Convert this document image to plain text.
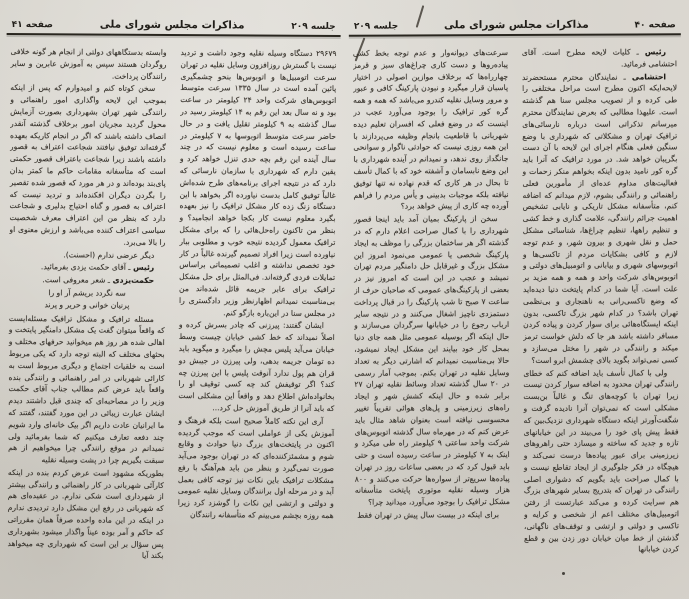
صفحه ۴۰
مذاکرات مجلس شورای ملی
جلسه ۲۰۹

رئیس ـ کلیات لایحه مطرح است. آقای احتشامی فرمائید.

احتشامی ـ نمایندگان محترم مستحضرند لایحه‌ایکه اکنون مطرح است مراحل مختلفی را طی کرده و از تصویب مجلس سنا هم گذشته است. علیهذا مطالبی که بعرض نمایندگان محترم میرسانم تذکراتی است درباره نارسائی‌های ترافیک تهران و مشکلاتی که شهرداری با وضع سنگین فعلی هنگام اجرای این لایحه با آن دست بگریبان خواهد شد. در مورد ترافیک که آنرا باید گره کور نامید بدون اینکه بخواهم منکر زحمات و فعالیت‌های مداوم عده‌ای از مأمورین فعلی راهنمائی و رانندگی بشوم، لازم میدانم که اضافه کنم، متأسفانه مشکل تاریکی و نایابی تشخیص اهمیت جرائم رانندگی، علامت گذاری و خط کشی و تنظیم راهها، تنظیم چراغ‌ها، شناسائی مشکل حمل و نقل شهری و بیرون شهر، و عدم توجه لازم و کافی بشکایات مردم از تاکسی‌ها و اتوبوسهای شهری و بیابانی و اتومبیل‌های دولتی و اتوبوس‌های شرکت واحد و همه و همه مزید بر علت است. آیا شما در کدام پایتخت دنیا دیده‌اید که وضع تاکسی‌رانی به ناهنجاری و بی‌نظمی تهران باشد؟ در کدام شهر بزرگ تاکسی، بدون اینکه ایستگاه‌هائی برای سوار کردن و پیاده کردن مسافر داشته باشد هر جا که دلش خواست ترمز میکند و رانندگی در شهر را مختل می‌سازد و کسی نمی‌تواند بگوید بالای چشمش ابرو است؟

ولی با کمال تأسف باید اضافه کنم که خطای رانندگی تهران محدود به اضافه سوار کردن نیست زیرا تهران با کوچه‌های تنگ و غالباً بن‌بست مشکلی است که نمی‌توان آنرا نادیده گرفت و شگفت‌آورتر اینکه دستگاه شهرداری نزدیک‌بین که فقط پیش پای خود را می‌بیند در این خیابانهای تازه و جدید که ساخته و میسازد حتی راهروهای زیرزمینی برای عبور پیاده‌ها درست نمی‌کند و هیچگاه در فکر جلوگیری از ایجاد تقاطع نیست و با کمال صراحت باید بگویم که دشواری اصلی رانندگی در تهران که بتدریج بسایر شهرهای بزرگ هم سرایت کرده و می‌کند عبارتست از رفتن اتومبیل‌های مختلف اعم از شخصی و کرایه و تاکسی و دولتی و ارتشی و توقف‌های ناگهانی، گذشتن از خط میان خیابان دور زدن بین و قطع کردن خیابانها

سرعت‌های دیوانه‌وار و عدم توجه بخط کشی پیاده‌روها و دست کاری چراغ‌های سبز و قرمز چهارراه‌ها که برخلاف موازین اصولی در اختیار پاسبان قرار میگیرد و نبودن پارکینگ کافی و عبور و مرور وسایل نقلیه کندرو می‌باشد که همه و همه گره کور ترافیک را بوجود می‌آورد عجب در اینست که در وضع فعلی که افسران تعلیم دیده شهربانی با قاطعیت بانجام وظیفه می‌پردازند با این همه روزی نیست که حوادثی ناگوار و سوانحی جانگداز روی ندهد، و نمیدانم در آینده شهرداری با این وضع نابسامان و آشفته خود که با کمال تأسف تا بحال در هر کاری که قدم نهاده نه تنها توفیق نیافته بلکه موجبات بدبینی و یأس مردم را فراهم آورده چه کاری از پیش خواهد برد؟

سخن از پارکینگ بمیان آمد باید اینجا قصور شهرداری را با کمال صراحت اعلام دارم که در گذشته اگر هر ساختمان بزرگی را موظف به ایجاد پارکینگ شخصی یا عمومی می‌نمود امروز این مشکل بزرگ و غیرقابل حل دامنگیر مردم تهران نمیشد و عجب در این است که امروز نیز در بعضی از پارکینگ‌های عمومی که صاحبان حرف از ساعت ۷ صبح تا شب پارکینگ را در قبال پرداخت دستمزدی ناچیز اشغال می‌کنند و در نتیجه سایر ارباب رجوع را در خیابانها سرگردان می‌سازند و حال اینکه اگر بوسیله عمومی مثل همه جای دنیا بمحل کار خود بیایند این مشکل ایجاد نمیشود، حالا بی‌مناسبت نمیدانم که اشارتی دیگر به تعداد وسایل نقلیه در تهران بکنم. بموجب آمار رسمی در ۲۰ سال گذشته تعداد وسائط نقلیه تهران ۲۷ برابر شده و حال اینکه کشش شهر و ایجاد راه‌های زیرزمینی و پل‌های هوائی تقریباً تغییر محسوسی نیافته است بعنوان شاهد مثال باید عرض کنم که در مهرماه سال گذشته اتوبوس‌های شرکت واحد ساعتی ۹ کیلومتر راه طی میکرد و اینک به ۷ کیلومتر در ساعت رسیده است و حتی باید قبول کرد که در بعضی ساعات روز در تهران پیاده‌ها سریع‌تر از سواره‌ها حرکت می‌کنند و ۸۰۰ هزار وسیله نقلیه موتوری پایتخت متأسفانه مشکل ترافیک را بوجود می‌آورد، میدانید چرا؟

برای اینکه در بیست سال پیش در تهران فقط

جلسه ۲۰۹
مذاکرات مجلس شورای ملی
صفحه ۴۱

۲۹۶۷۹ دستگاه وسیله نقلیه وجود داشت و تردید نیست با گسترش روزافزون وسایل نقلیه در تهران سرعت اتومبیل‌ها و اتوبوس‌ها بنحو چشمگیری پائین آمده است در سال ۱۳۳۵ سرعت متوسط اتوبوس‌های شرکت واحد ۲۴ کیلومتر در ساعت بود و نه سال بعد این رقم به ۱۴ کیلومتر رسید در سال گذشته به ۹ کیلومتر تقلیل یافت و در حال حاضر سرعت متوسط اتوبوسها به ۷ کیلومتر در ساعت رسیده است و معلوم نیست که در چند سال آینده این رقم بچه حدی تنزل خواهد کرد و یقین دارم که شهرداری با سازمان نارسائی که دارد که در نتیجه اجرای برنامه‌های طرح شده‌اش غالباً توفیق کامل بدست نیاورده اگر بخواهد با این دستگاه زنگ زده کار مشکل ترافیک را نیز بعهده بگیرد معلوم نیست کار بکجا خواهد انجامید؟ و بنظر من تاکنون راه‌حل‌هائی را که برای مشکل ترافیک معمول گردیده نتیجه خوب و مطلوبی ببار نیاورده است زیرا افراد تصمیم گیرنده غالباً در کار خود تخصص نداشته و اغلب تصمیماتی براساس تمایلات فردی گرفته‌اند. فی‌المثل برای حل مشکل ترافیک برای عابر جریمه قائل شده‌اند من بی‌مناسبت نمیدانم اظهارنظر وزیر دادگستری را در مجلس سنا در این‌باره بازگو کنم.

ایشان گفتند: پیرزنی که چادر بسرش کرده و اصلاً نمیداند که خط کشی خیابان چیست وسط خیابان می‌آید پلیس مچش را میگیرد و میگوید باید ده تومان جریمه بدهی، ولی پیرزن در جیبش دو قران هم پول ندارد آنوقت پلیس با این پیرزن چه کند؟ اگر توقیفش کند چه کسی توقیف او را بخانواده‌اش اطلاع دهد و واقعاً این مشکلی است که باید آنرا از طریق آموزش حل کرد...

آری این نکته کاملاً صحیح است بلکه فرهنگ و آموزش یکی از عواملی است که موجب گردیده اکنون در پایتخت‌های بزرگ دنیا حوادث و وقایع شوم و مشمئزکننده‌ای که در تهران بوجود می‌آید صورت نمی‌گیرد و بنظر من باید هم‌آهنگ با رفع مشکلات ترافیک باین نکات نیز توجه کافی بعمل آید و در مرحله اول برانندگان وسایل نقلیه عمومی و دولتی و ارتشی این نکات را گوشزد کرد زیرا همه روزه بچشم می‌بینم که متأسفانه رانندگان

وابسته بدستگاههای دولتی از انجام هر گونه خلافی روگردان هستند سپس به آموزش عابرین و سایر رانندگان پرداخت.

سخن کوتاه کنم و امیدوارم که پس از اینکه بموجب این لایحه واگذاری امور راهنمائی و رانندگی شهر تهران بشهرداری بصورت آزمایش محول گردید مجریان امور برخلاف گذشته آنقدر انصاف داشته باشند که اگر در انجام کاریکه بعهده گرفته‌اند توفیق نیافتند شجاعت اعتراف به قصور داشته باشند زیرا شجاعت باعتراف قصور حکمتی است که متأسفانه مقامات حاکم ما کمتر بدان پای‌بند بوده‌اند و در هر مورد که قصور شده تقصیر را بگردن دیگران افکنده‌اند و تردید نیست که اعتراف به قصور و گناه احتیاج بدلیری و شجاعت دارد که بنظر من این اعتراف معرف شخصیت سیاسی اعتراف کننده می‌باشد و ارزش معنوی او را بالا می‌برد.

دیگر عرضی ندارم (احسنت).

رئیس ـ آقای حکمت یزدی بفرمائید.

حکمت‌یزدی ـ شعر معروفی است.

سه نگردد بریشم آر او را
پرنیان خوانی و حریر و پرند

مسئله ترافیک و مشکل ترافیک مسئله‌ایست که واقعاً میتوان گفت یک مشکل دامنگیر پایتخت و اهالی شده هر روز هم میخوانید حرفهای مختلف و بحثهای مختلف که البته توجه دارد که یکی مربوط است به خلقیات اجتماع و دیگری مربوط است به کارائی شهربانی در امر راهنمائی و رانندگی بنده واقعاً باید عرض کنم مطالب جناب آقای حکمت وزیر را در مصاحبه‌ای که چندی قبل داشتند دیدم ایشان عبارت زیبائی در این مورد گفتند، گفتند که ما ایرانیان عادت داریم اگر بیک خانه‌ای وارد شویم چند دفعه تعارف میکنیم که شما بفرمائید ولی نمیدانم در موقع رانندگی چرا میخواهیم از هم سبقت بگیریم چرا در پشت وسیله نقلیه

بطوریکه مشهود است عرض کردم بنده در اینکه کارآئی شهربانی در کار راهنمائی و رانندگی بیشتر از شهرداری است شکی ندارم. در عقیده‌ای هم که شهربانی در رفع این مشکل دارد تردیدی ندارم در اینکه در این ماده واحده صرفاً همان مقرراتی که حاکم و آمر بوده عیناً واگذار میشود بشهرداری پس سؤال بر این است که شهرداری چه میخواهد بکند آیا
